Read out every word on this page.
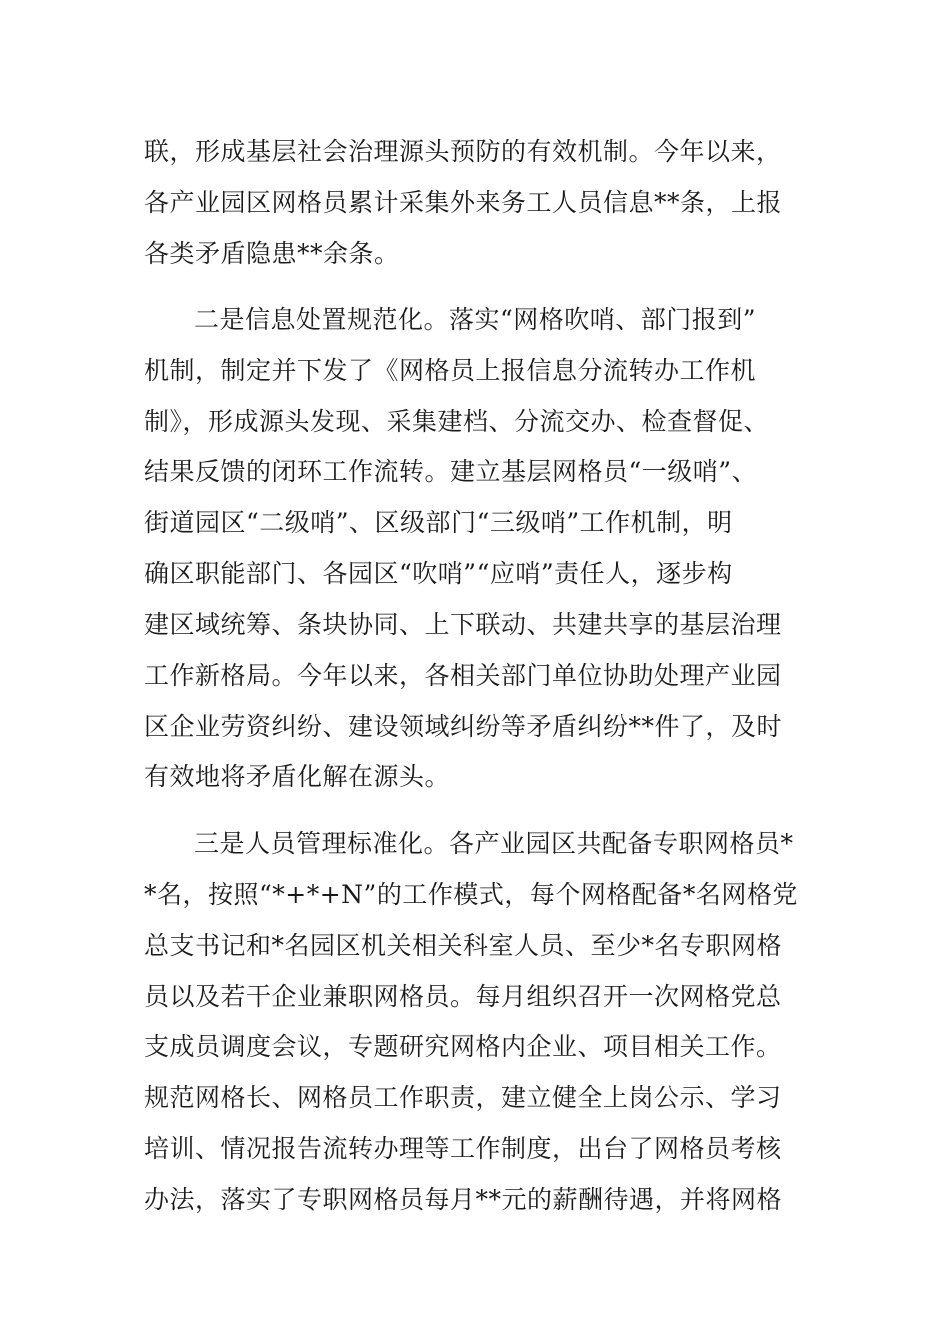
联，形成基层社会治理源头预防的有效机制。今年以来，
各产业园区网格员累计采集外来务工人员信息**条，上报
各类矛盾隐患**余条。
二是信息处置规范化。落实“网格吹哨、部门报到”
机制，制定并下发了《网格员上报信息分流转办工作机
制》，形成源头发现、采集建档、分流交办、检查督促、
结果反馈的闭环工作流转。建立基层网格员“一级哨”、
街道园区“二级哨”、区级部门“三级哨”工作机制，明
确区职能部门、各园区“吹哨”“应哨”责任人，逐步构
建区域统筹、条块协同、上下联动、共建共享的基层治理
工作新格局。今年以来，各相关部门单位协助处理产业园
区企业劳资纠纷、建设领域纠纷等矛盾纠纷**件了，及时
有效地将矛盾化解在源头。
三是人员管理标准化。各产业园区共配备专职网格员*
*名，按照“*+*+N”的工作模式，每个网格配备*名网格党
总支书记和*名园区机关相关科室人员、至少*名专职网格
员以及若干企业兼职网格员。每月组织召开一次网格党总
支成员调度会议，专题研究网格内企业、项目相关工作。
规范网格长、网格员工作职责，建立健全上岗公示、学习
培训、情况报告流转办理等工作制度，出台了网格员考核
办法，落实了专职网格员每月**元的薪酬待遇，并将网格
